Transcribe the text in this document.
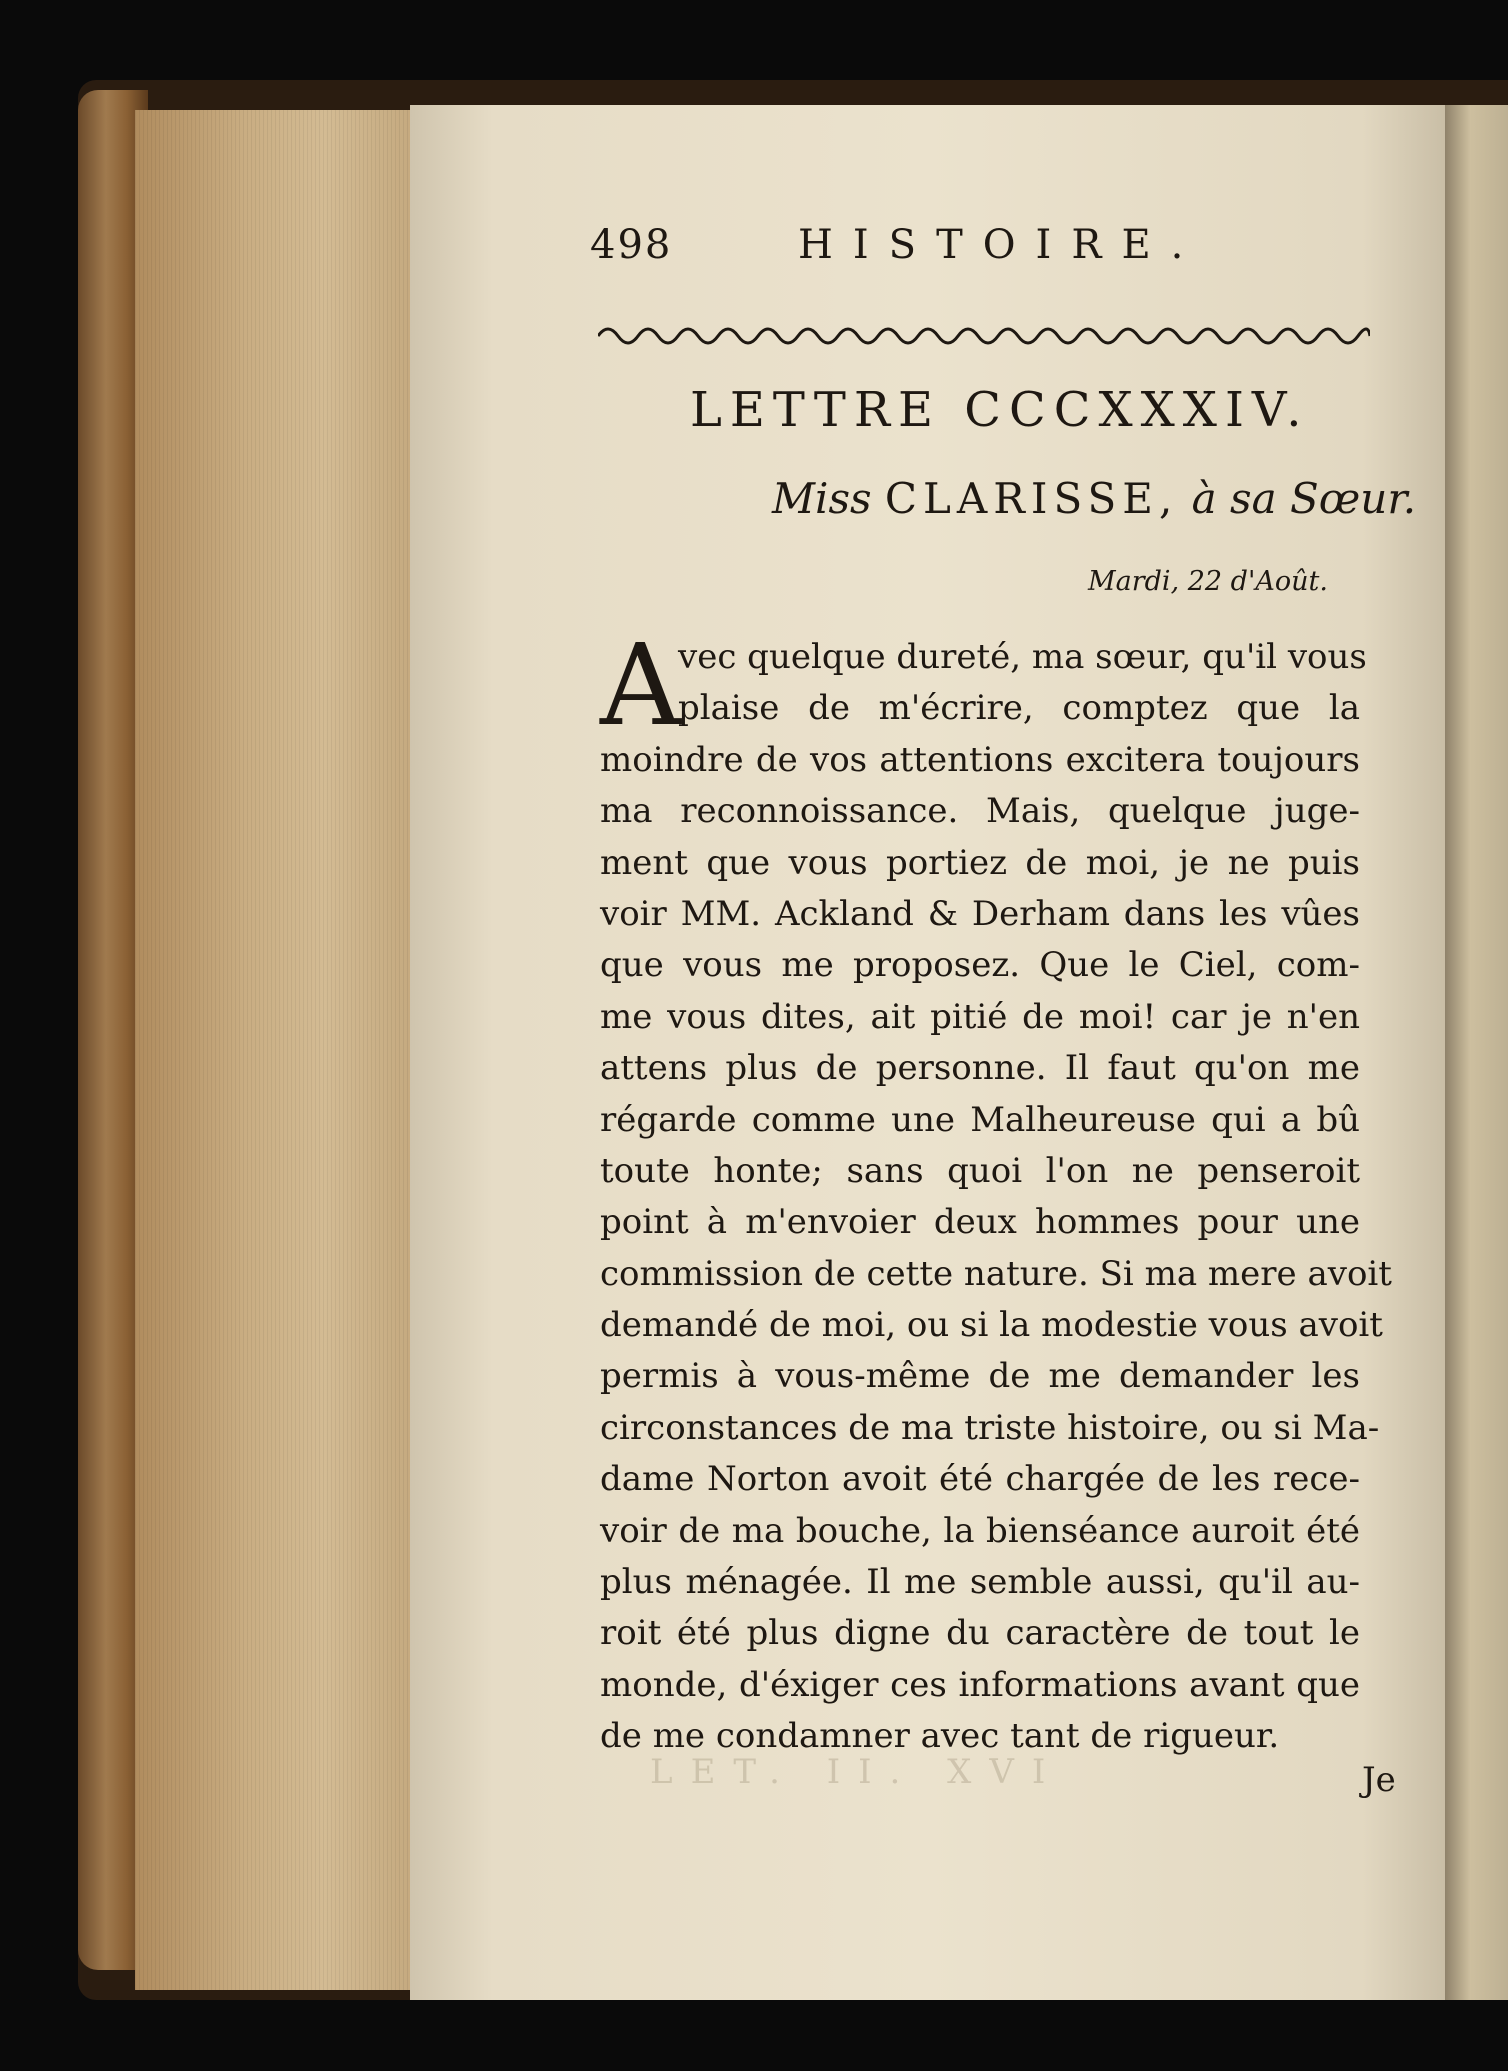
LET. II. XVI
498	HISTOIRE.
LETTRE CCCXXXIV.
Miss CLARISSE, à sa Sœur.
Mardi, 22 d'Août.
A
vec quelque dureté, ma sœur, qu'il vous
plaise de m'écrire, comptez que la
moindre de vos attentions excitera toujours
ma reconnoissance. Mais, quelque juge-
ment que vous portiez de moi, je ne puis
voir MM. Ackland & Derham dans les vûes
que vous me proposez. Que le Ciel, com-
me vous dites, ait pitié de moi! car je n'en
attens plus de personne. Il faut qu'on me
régarde comme une Malheureuse qui a bû
toute honte; sans quoi l'on ne penseroit
point à m'envoier deux hommes pour une
commission de cette nature. Si ma mere avoit
demandé de moi, ou si la modestie vous avoit
permis à vous-même de me demander les
circonstances de ma triste histoire, ou si Ma-
dame Norton avoit été chargée de les rece-
voir de ma bouche, la bienséance auroit été
plus ménagée. Il me semble aussi, qu'il au-
roit été plus digne du caractère de tout le
monde, d'éxiger ces informations avant que
de me condamner avec tant de rigueur.
Je
